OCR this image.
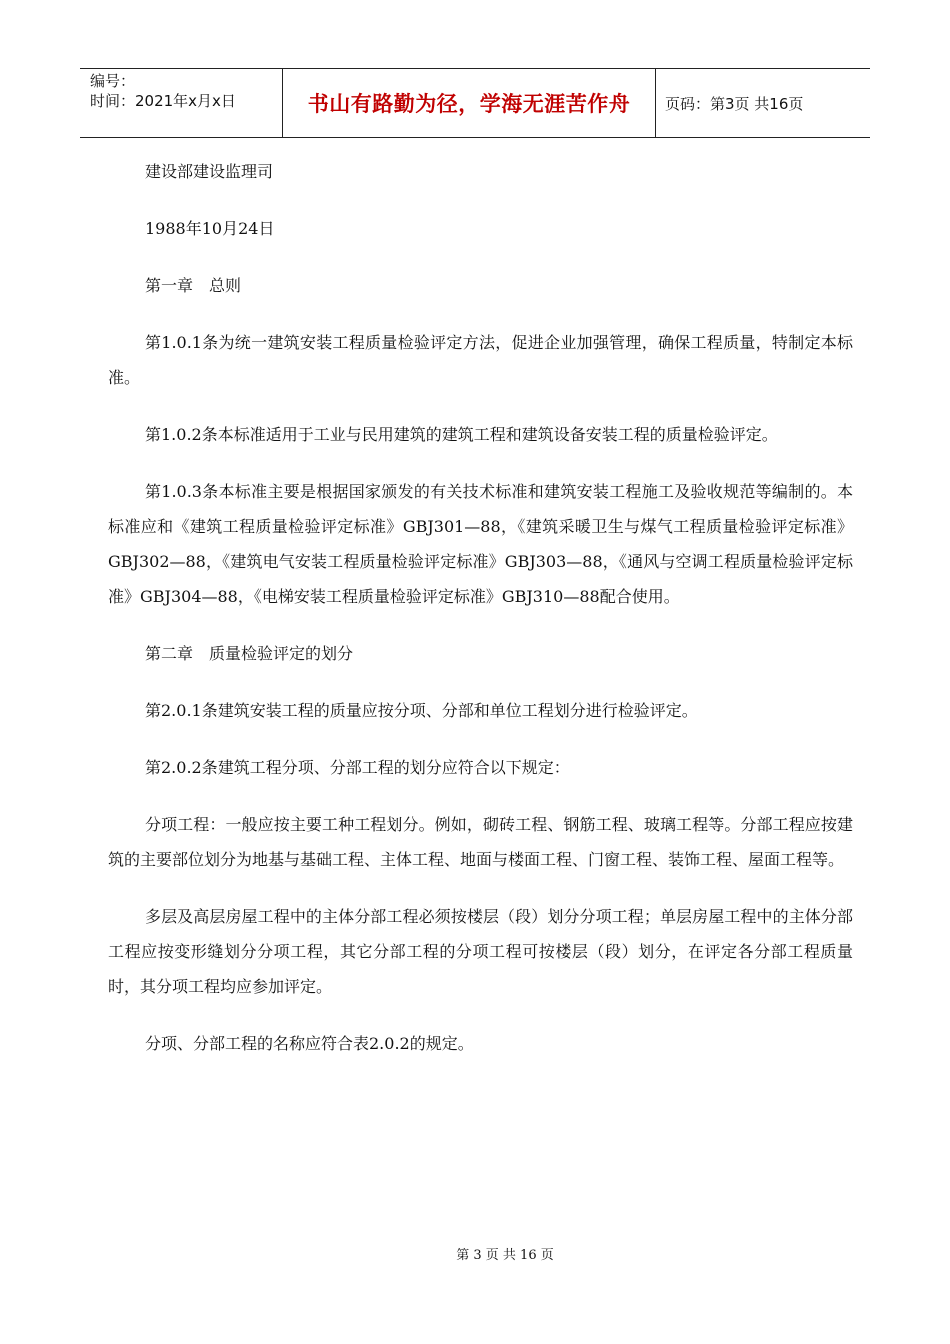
编号：
时间：2021年x月x日	书山有路勤为径，学海无涯苦作舟	页码：第3页 共16页

建设部建设监理司

1988年10月24日

第一章　总则

第1.0.1条为统一建筑安装工程质量检验评定方法，促进企业加强管理，确保工程质量，特制定本标准。

第1.0.2条本标准适用于工业与民用建筑的建筑工程和建筑设备安装工程的质量检验评定。

第1.0.3条本标准主要是根据国家颁发的有关技术标准和建筑安装工程施工及验收规范等编制的。本标准应和《建筑工程质量检验评定标准》GBJ301—88，《建筑采暖卫生与煤气工程质量检验评定标准》GBJ302—88，《建筑电气安装工程质量检验评定标准》GBJ303—88，《通风与空调工程质量检验评定标准》GBJ304—88，《电梯安装工程质量检验评定标准》GBJ310—88配合使用。

第二章　质量检验评定的划分

第2.0.1条建筑安装工程的质量应按分项、分部和单位工程划分进行检验评定。

第2.0.2条建筑工程分项、分部工程的划分应符合以下规定：

分项工程：一般应按主要工种工程划分。例如，砌砖工程、钢筋工程、玻璃工程等。分部工程应按建筑的主要部位划分为地基与基础工程、主体工程、地面与楼面工程、门窗工程、装饰工程、屋面工程等。

多层及高层房屋工程中的主体分部工程必须按楼层（段）划分分项工程；单层房屋工程中的主体分部工程应按变形缝划分分项工程，其它分部工程的分项工程可按楼层（段）划分，在评定各分部工程质量时，其分项工程均应参加评定。

分项、分部工程的名称应符合表2.0.2的规定。

第 3 页 共 16 页
